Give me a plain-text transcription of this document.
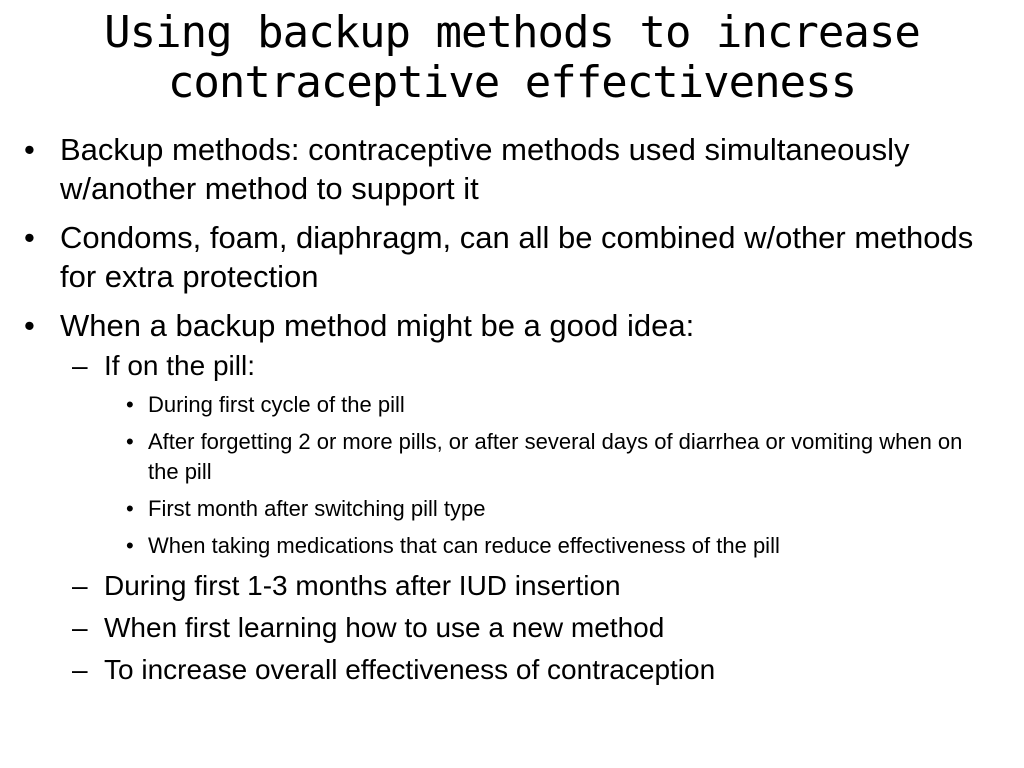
Using backup methods to increase contraceptive effectiveness
• Backup methods: contraceptive methods used simultaneously w/another method to support it
• Condoms, foam, diaphragm, can all be combined w/other methods for extra protection
• When a backup method might be a good idea:
– If on the pill:
• During first cycle of the pill
• After forgetting 2 or more pills, or after several days of diarrhea or vomiting when on the pill
• First month after switching pill type
• When taking medications that can reduce effectiveness of the pill
– During first 1-3 months after IUD insertion
– When first learning how to use a new method
– To increase overall effectiveness of contraception
